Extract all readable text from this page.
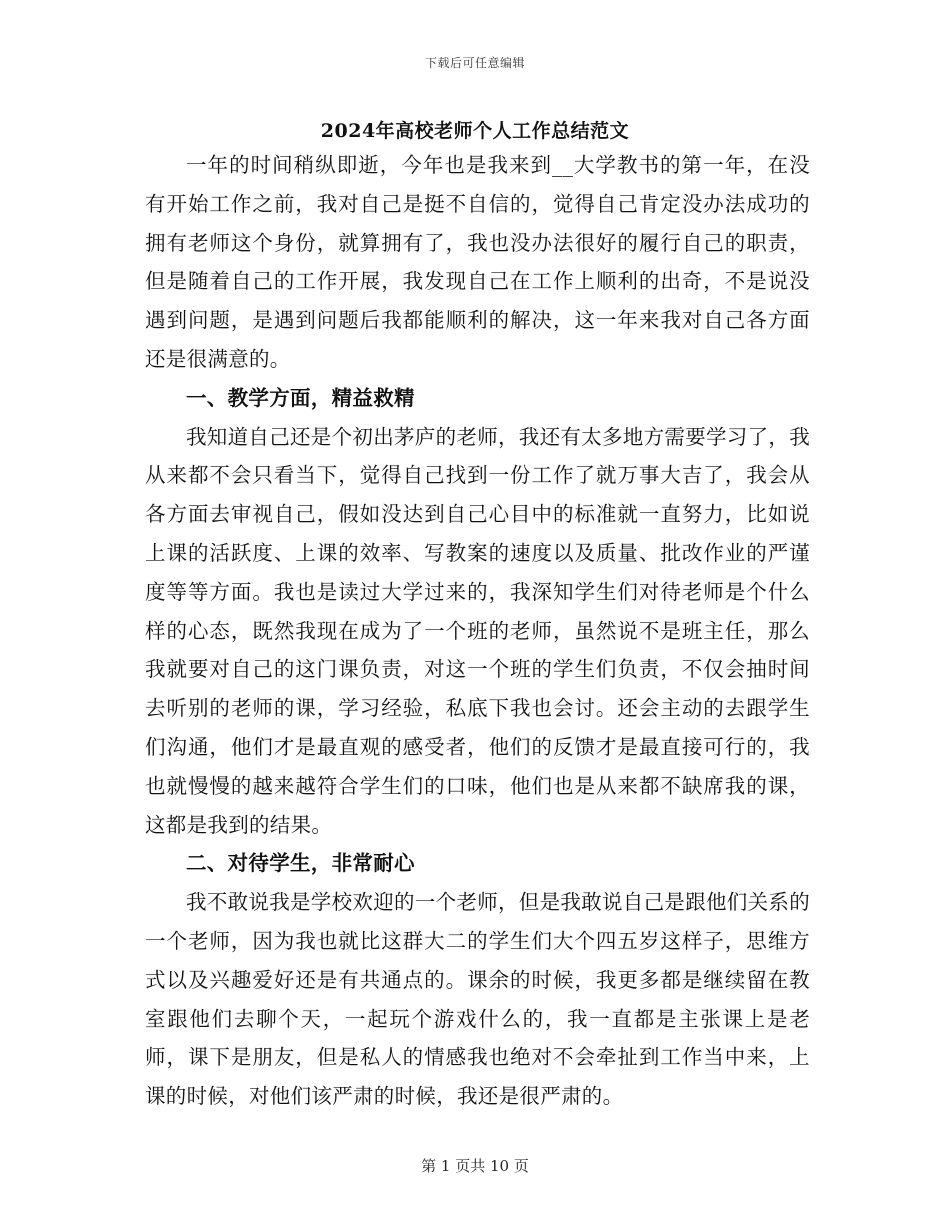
下载后可任意编辑
2024年高校老师个人工作总结范文

一年的时间稍纵即逝，今年也是我来到__大学教书的第一年，在没有开始工作之前，我对自己是挺不自信的，觉得自己肯定没办法成功的拥有老师这个身份，就算拥有了，我也没办法很好的履行自己的职责，但是随着自己的工作开展，我发现自己在工作上顺利的出奇，不是说没遇到问题，是遇到问题后我都能顺利的解决，这一年来我对自己各方面还是很满意的。

一、教学方面，精益救精

我知道自己还是个初出茅庐的老师，我还有太多地方需要学习了，我从来都不会只看当下，觉得自己找到一份工作了就万事大吉了，我会从各方面去审视自己，假如没达到自己心目中的标准就一直努力，比如说上课的活跃度、上课的效率、写教案的速度以及质量、批改作业的严谨度等等方面。我也是读过大学过来的，我深知学生们对待老师是个什么样的心态，既然我现在成为了一个班的老师，虽然说不是班主任，那么我就要对自己的这门课负责，对这一个班的学生们负责，不仅会抽时间去听别的老师的课，学习经验，私底下我也会讨。还会主动的去跟学生们沟通，他们才是最直观的感受者，他们的反馈才是最直接可行的，我也就慢慢的越来越符合学生们的口味，他们也是从来都不缺席我的课，这都是我到的结果。

二、对待学生，非常耐心

我不敢说我是学校欢迎的一个老师，但是我敢说自己是跟他们关系的一个老师，因为我也就比这群大二的学生们大个四五岁这样子，思维方式以及兴趣爱好还是有共通点的。课余的时候，我更多都是继续留在教室跟他们去聊个天，一起玩个游戏什么的，我一直都是主张课上是老师，课下是朋友，但是私人的情感我也绝对不会牵扯到工作当中来，上课的时候，对他们该严肃的时候，我还是很严肃的。

第 1 页共 10 页
